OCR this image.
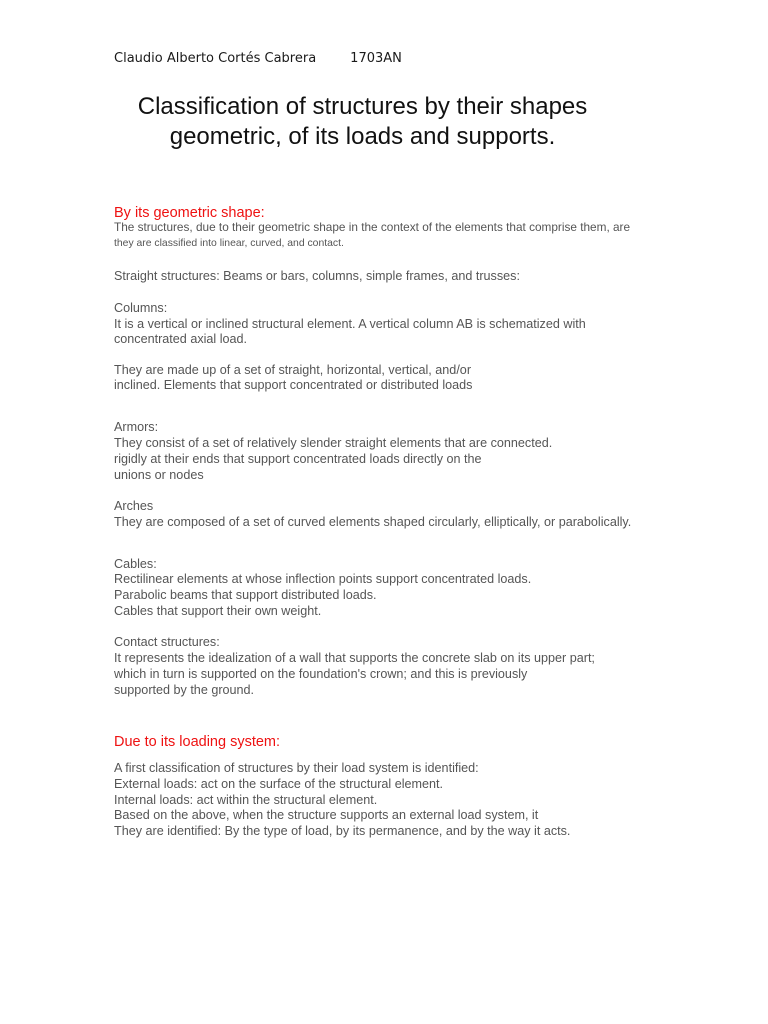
Claudio Alberto Cortés Cabrera	1703AN
Classification of structures by their shapes
geometric, of its loads and supports.
By its geometric shape:
The structures, due to their geometric shape in the context of the elements that comprise them, are
they are classified into linear, curved, and contact.
Straight structures: Beams or bars, columns, simple frames, and trusses:
Columns:
It is a vertical or inclined structural element. A vertical column AB is schematized with
concentrated axial load.
They are made up of a set of straight, horizontal, vertical, and/or
inclined. Elements that support concentrated or distributed loads
Armors:
They consist of a set of relatively slender straight elements that are connected.
rigidly at their ends that support concentrated loads directly on the
unions or nodes
Arches
They are composed of a set of curved elements shaped circularly, elliptically, or parabolically.
Cables:
Rectilinear elements at whose inflection points support concentrated loads.
Parabolic beams that support distributed loads.
Cables that support their own weight.
Contact structures:
It represents the idealization of a wall that supports the concrete slab on its upper part;
which in turn is supported on the foundation's crown; and this is previously
supported by the ground.
Due to its loading system:
A first classification of structures by their load system is identified:
External loads: act on the surface of the structural element.
Internal loads: act within the structural element.
Based on the above, when the structure supports an external load system, it
They are identified: By the type of load, by its permanence, and by the way it acts.
